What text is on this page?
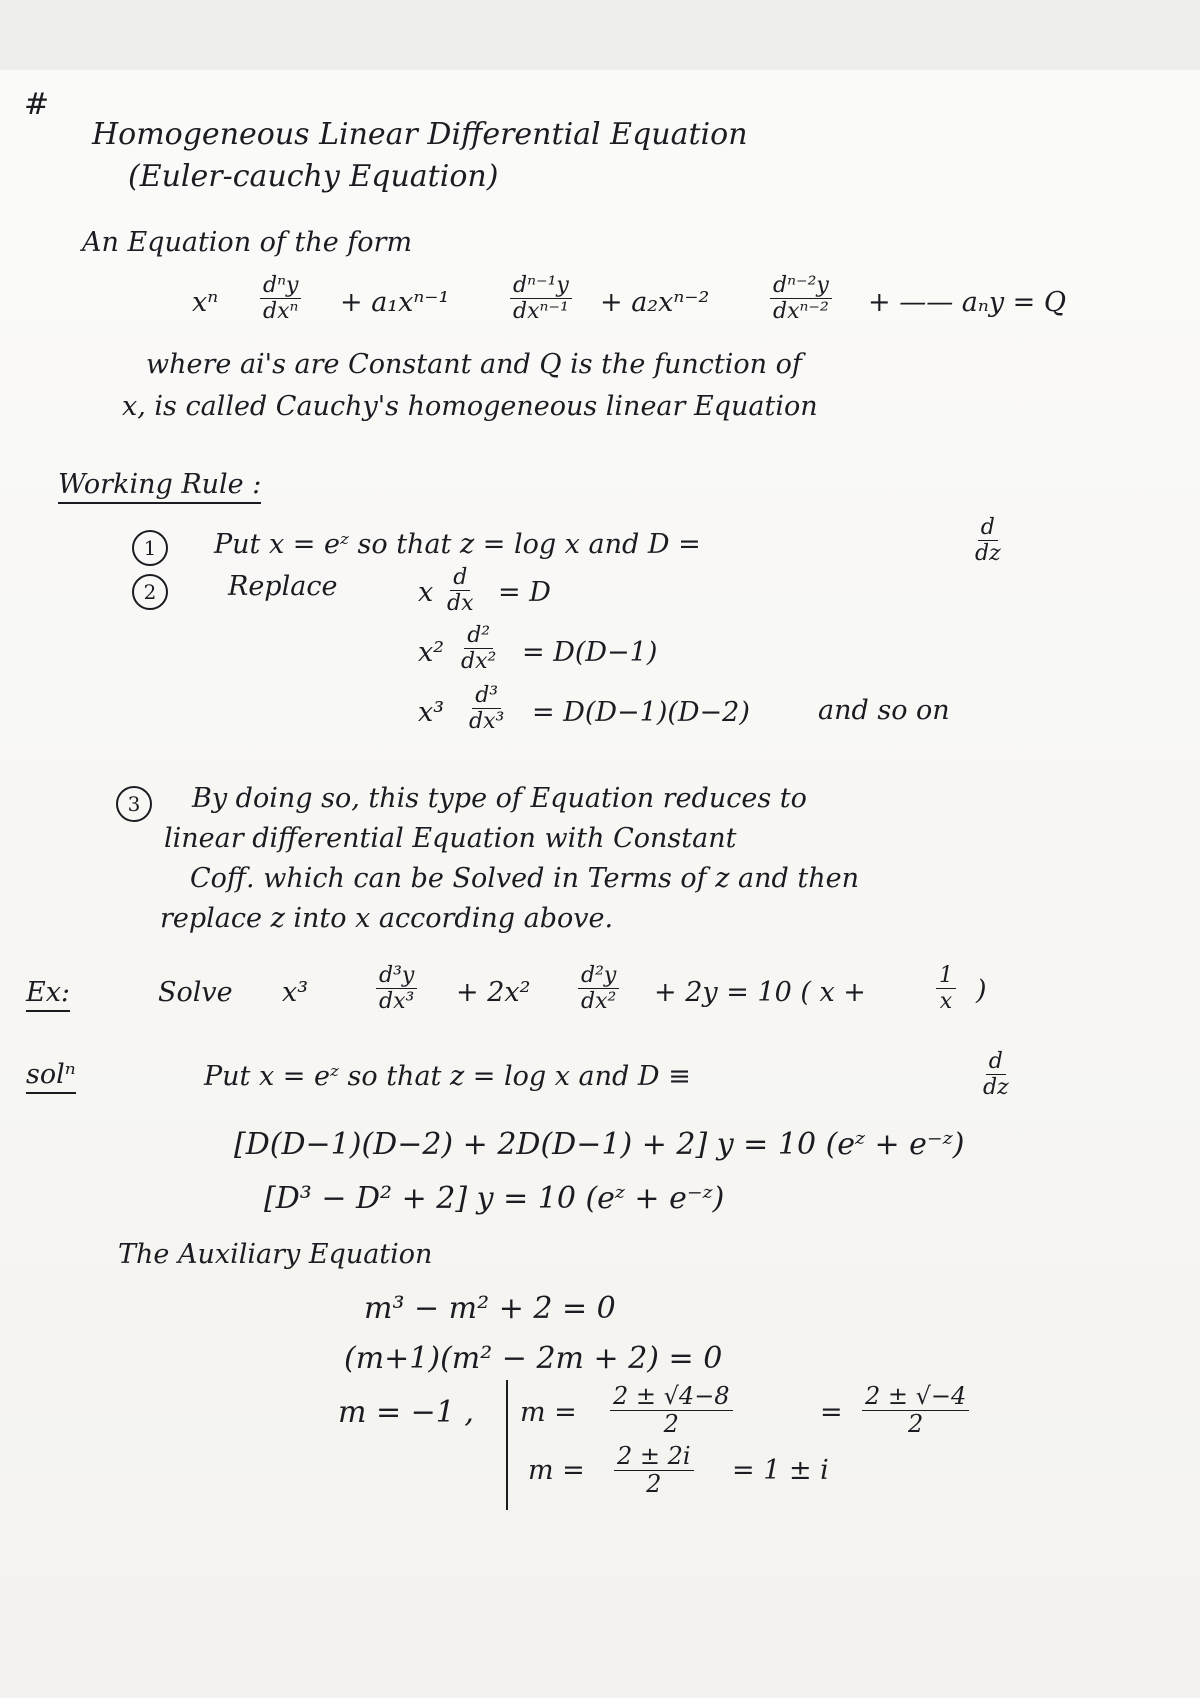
#
Homogeneous Linear Differential Equation
(Euler-cauchy Equation)
An Equation of the form
xⁿ
dⁿy
dxⁿ + a₁xⁿ⁻¹
dⁿ⁻¹y
dxⁿ⁻¹ + a₂xⁿ⁻²
dⁿ⁻²y
dxⁿ⁻² + —— aₙy = Q
where ai's are Constant and Q is the function of
x, is called Cauchy's homogeneous linear Equation
Working Rule :
1	Put x = eᶻ so that z = log x and D =	$\frac{d}{dz}$
2	Replace	x $\frac{d}{dx} = D$
$x^2 \frac{\text{d²}}{\text{dx²}} = D(D-1)$
$x^3 \frac{\text{d³}}{\text{dx³}} = D(D-1)(D-2)$	and so on
3	By doing so, this type of Equation reduces to
linear differential Equation with Constant
Coff. which can be Solved in Terms of z and then
replace z into x according above.
Ex:	Solve x³	$\frac{\text{d³y}}{\text{dx³}} + 2x^2 \frac{\text{d²y}}{\text{dx²}} + 2y = 10$ ( x +	$\frac{1}{x}$ )
solⁿ	Put x = eᶻ so that z = log x and D ≡	$\frac{d}{dz}$
[D(D−1)(D−2) + 2D(D−1) + 2] y = 10 (eᶻ + e⁻ᶻ)
[D³ − D² + 2] y = 10 (eᶻ + e⁻ᶻ)
The Auxiliary Equation
m³ − m² + 2 = 0
(m+1)(m² − 2m + 2) = 0
m = −1 , $m = \frac{2 \pm √4-8}{2}$	= $\frac{2 \pm √-4}{2}$
$m = \frac{2 \pm 2i}{2} = 1 \pm i$
